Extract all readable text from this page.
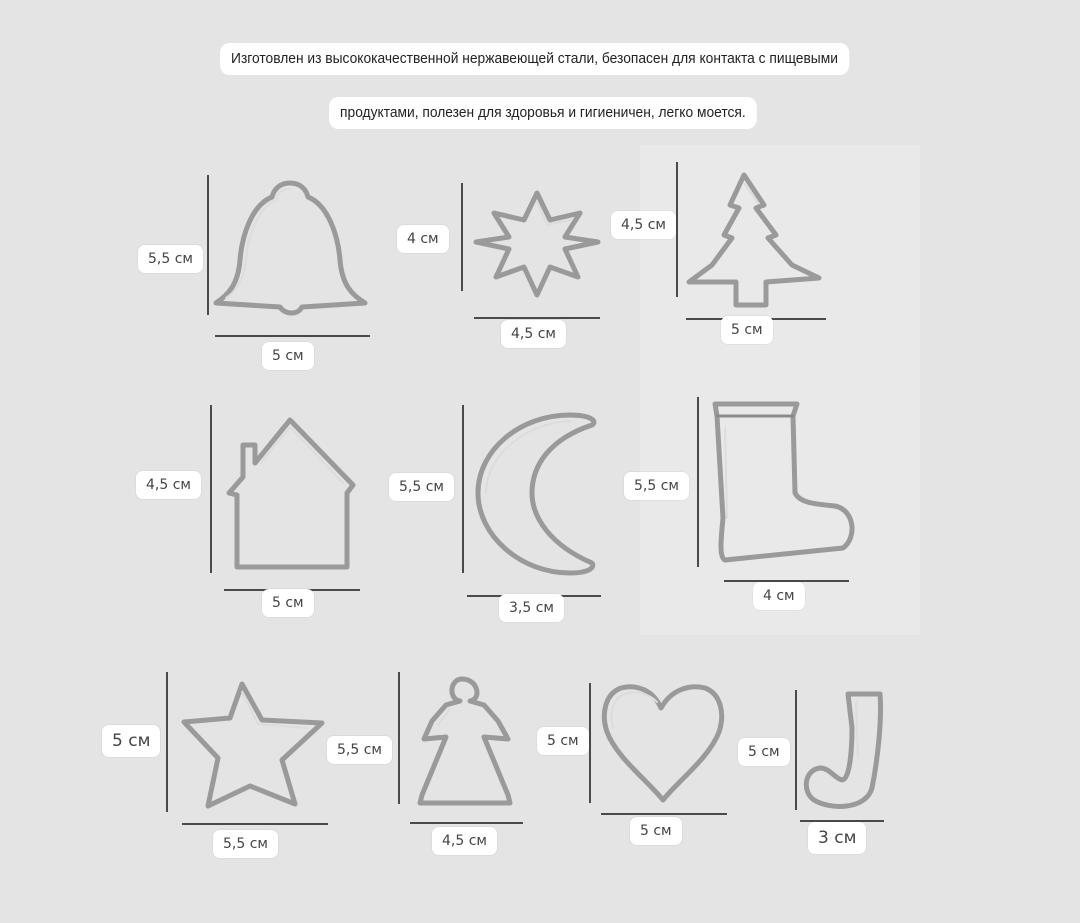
Изготовлен из высококачественной нержавеющей стали, безопасен для контакта с пищевыми
продуктами, полезен для здоровья и гигиеничен, легко моется.
5,5 см
5 см
4 см
4,5 см
4,5 см
5 см
4,5 см
5 см
5,5 см
3,5 см
5,5 см
4 см
5 см
5,5 см
5,5 см
4,5 см
5 см
5 см
5 см
3 см
